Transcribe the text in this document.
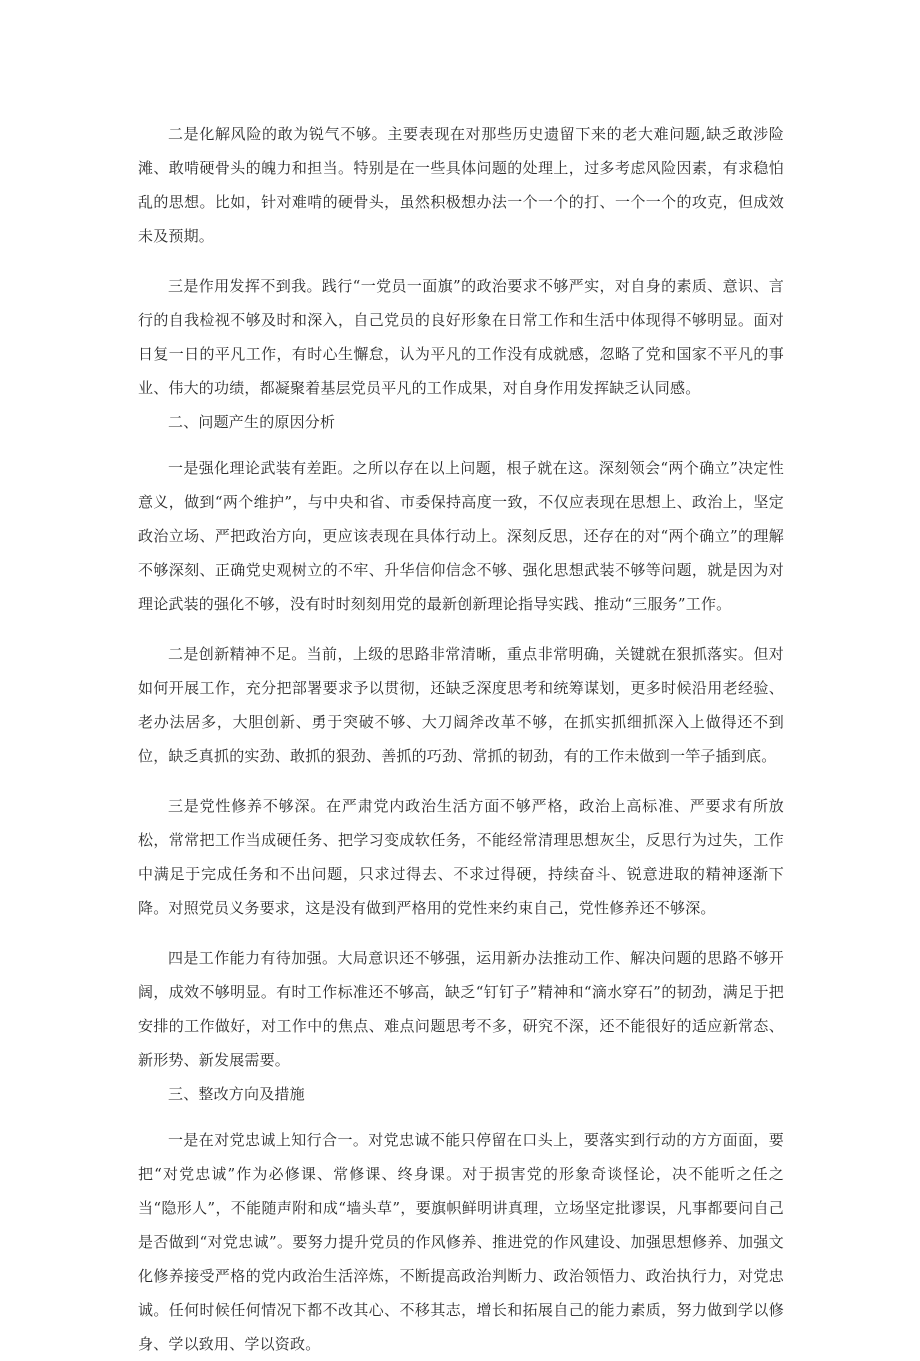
二是化解风险的敢为锐气不够。主要表现在对那些历史遗留下来的老大难问题,缺乏敢涉险滩、敢啃硬骨头的魄力和担当。特别是在一些具体问题的处理上，过多考虑风险因素，有求稳怕乱的思想。比如，针对难啃的硬骨头，虽然积极想办法一个一个的打、一个一个的攻克，但成效未及预期。

三是作用发挥不到我。践行“一党员一面旗”的政治要求不够严实，对自身的素质、意识、言行的自我检视不够及时和深入，自己党员的良好形象在日常工作和生活中体现得不够明显。面对日复一日的平凡工作，有时心生懈怠，认为平凡的工作没有成就感，忽略了党和国家不平凡的事业、伟大的功绩，都凝聚着基层党员平凡的工作成果，对自身作用发挥缺乏认同感。

二、问题产生的原因分析

一是强化理论武装有差距。之所以存在以上问题，根子就在这。深刻领会“两个确立”决定性意义，做到“两个维护”，与中央和省、市委保持高度一致，不仅应表现在思想上、政治上，坚定政治立场、严把政治方向，更应该表现在具体行动上。深刻反思，还存在的对“两个确立”的理解不够深刻、正确党史观树立的不牢、升华信仰信念不够、强化思想武装不够等问题，就是因为对理论武装的强化不够，没有时时刻刻用党的最新创新理论指导实践、推动“三服务”工作。

二是创新精神不足。当前，上级的思路非常清晰，重点非常明确，关键就在狠抓落实。但对如何开展工作，充分把部署要求予以贯彻，还缺乏深度思考和统筹谋划，更多时候沿用老经验、老办法居多，大胆创新、勇于突破不够、大刀阔斧改革不够，在抓实抓细抓深入上做得还不到位，缺乏真抓的实劲、敢抓的狠劲、善抓的巧劲、常抓的韧劲，有的工作未做到一竿子插到底。

三是党性修养不够深。在严肃党内政治生活方面不够严格，政治上高标准、严要求有所放松，常常把工作当成硬任务、把学习变成软任务，不能经常清理思想灰尘，反思行为过失，工作中满足于完成任务和不出问题，只求过得去、不求过得硬，持续奋斗、锐意进取的精神逐渐下降。对照党员义务要求，这是没有做到严格用的党性来约束自己，党性修养还不够深。

四是工作能力有待加强。大局意识还不够强，运用新办法推动工作、解决问题的思路不够开阔，成效不够明显。有时工作标准还不够高，缺乏“钉钉子”精神和“滴水穿石”的韧劲，满足于把安排的工作做好，对工作中的焦点、难点问题思考不多，研究不深，还不能很好的适应新常态、新形势、新发展需要。

三、整改方向及措施

一是在对党忠诚上知行合一。对党忠诚不能只停留在口头上，要落实到行动的方方面面，要把“对党忠诚”作为必修课、常修课、终身课。对于损害党的形象奇谈怪论，决不能听之任之当“隐形人”，不能随声附和成“墙头草”，要旗帜鲜明讲真理，立场坚定批谬误，凡事都要问自己是否做到“对党忠诚”。要努力提升党员的作风修养、推进党的作风建设、加强思想修养、加强文化修养接受严格的党内政治生活淬炼，不断提高政治判断力、政治领悟力、政治执行力，对党忠诚。任何时候任何情况下都不改其心、不移其志，增长和拓展自己的能力素质，努力做到学以修身、学以致用、学以资政。
